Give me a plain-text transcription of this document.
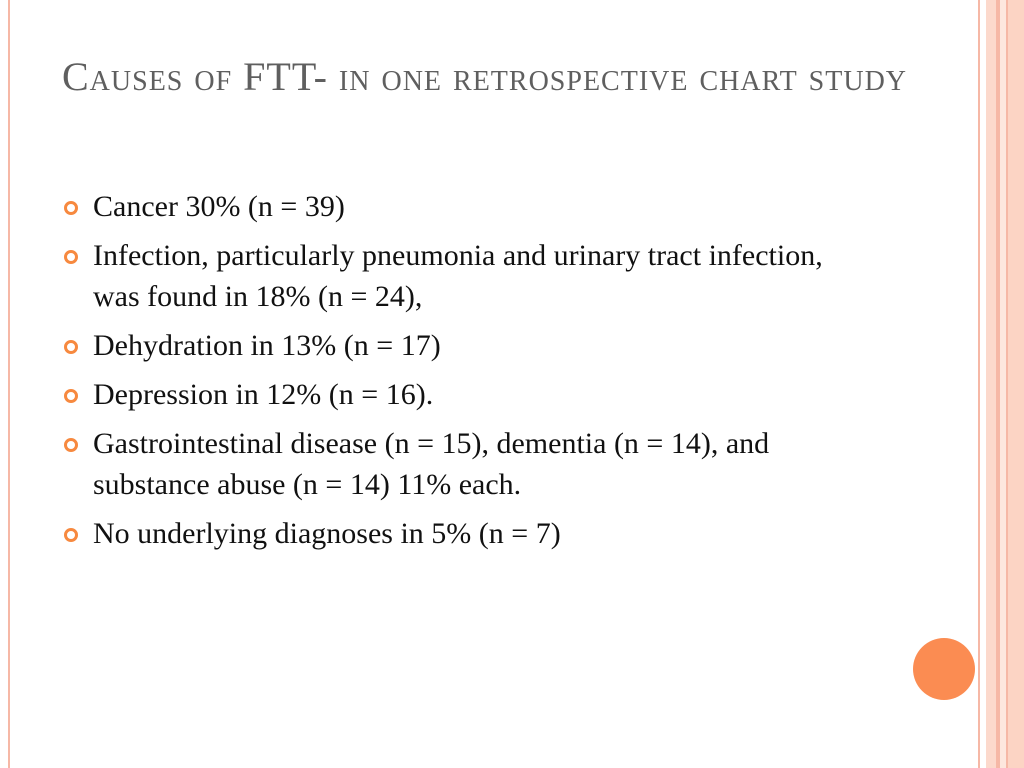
Causes of FTT- in one retrospective chart study
Cancer 30% (n = 39)
Infection, particularly pneumonia and urinary tract infection, was found in 18% (n = 24),
Dehydration in 13% (n = 17)
Depression in 12% (n = 16).
Gastrointestinal disease (n = 15), dementia (n = 14), and substance abuse (n = 14) 11% each.
No underlying diagnoses in 5% (n = 7)
